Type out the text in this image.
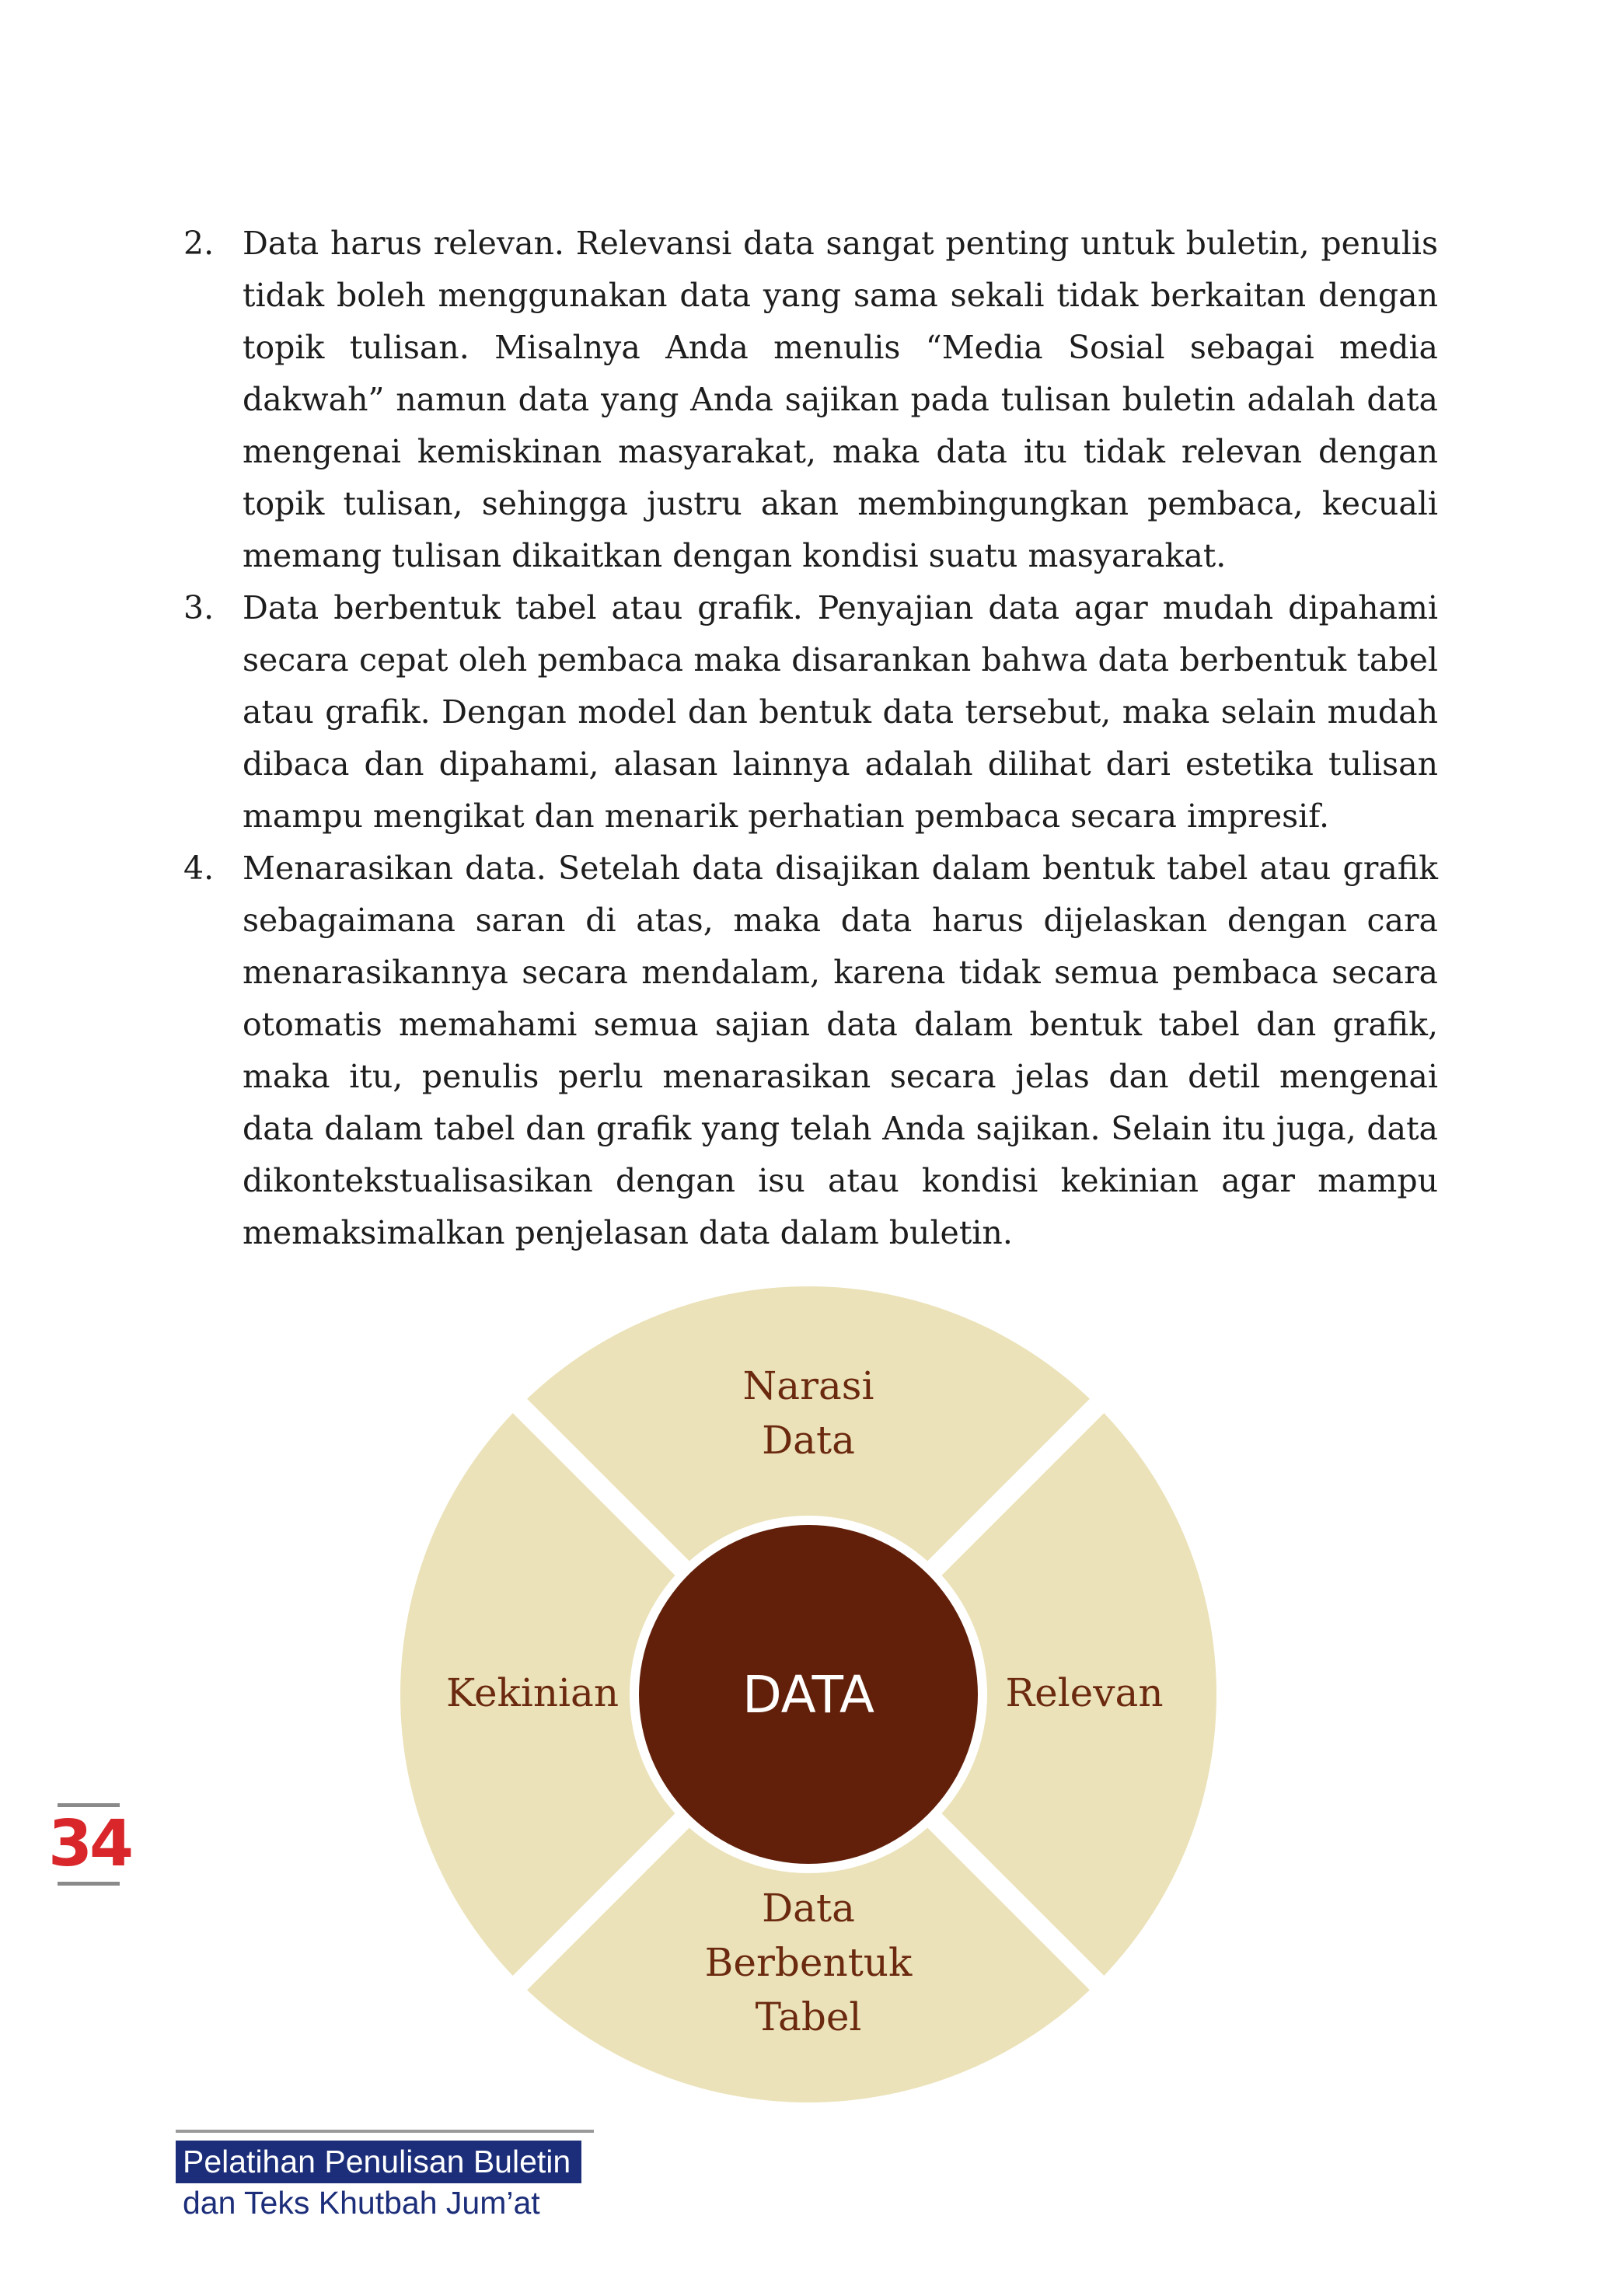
2. Data harus relevan. Relevansi data sangat penting untuk buletin, penulis tidak boleh menggunakan data yang sama sekali tidak berkaitan dengan topik tulisan. Misalnya Anda menulis “Media Sosial sebagai media dakwah” namun data yang Anda sajikan pada tulisan buletin adalah data mengenai kemiskinan masyarakat, maka data itu tidak relevan dengan topik tulisan, sehingga justru akan membingungkan pembaca, kecuali memang tulisan dikaitkan dengan kondisi suatu masyarakat.
3. Data berbentuk tabel atau grafik. Penyajian data agar mudah dipahami secara cepat oleh pembaca maka disarankan bahwa data berbentuk tabel atau grafik. Dengan model dan bentuk data tersebut, maka selain mudah dibaca dan dipahami, alasan lainnya adalah dilihat dari estetika tulisan mampu mengikat dan menarik perhatian pembaca secara impresif.
4. Menarasikan data. Setelah data disajikan dalam bentuk tabel atau grafik sebagaimana saran di atas, maka data harus dijelaskan dengan cara menarasikannya secara mendalam, karena tidak semua pembaca secara otomatis memahami semua sajian data dalam bentuk tabel dan grafik, maka itu, penulis perlu menarasikan secara jelas dan detil mengenai data dalam tabel dan grafik yang telah Anda sajikan. Selain itu juga, data dikontekstualisasikan dengan isu atau kondisi kekinian agar mampu memaksimalkan penjelasan data dalam buletin.
DATA
Narasi
Data
Relevan
Kekinian
Data
Berbentuk
Tabel
34
Pelatihan Penulisan Buletin
dan Teks Khutbah Jum’at
